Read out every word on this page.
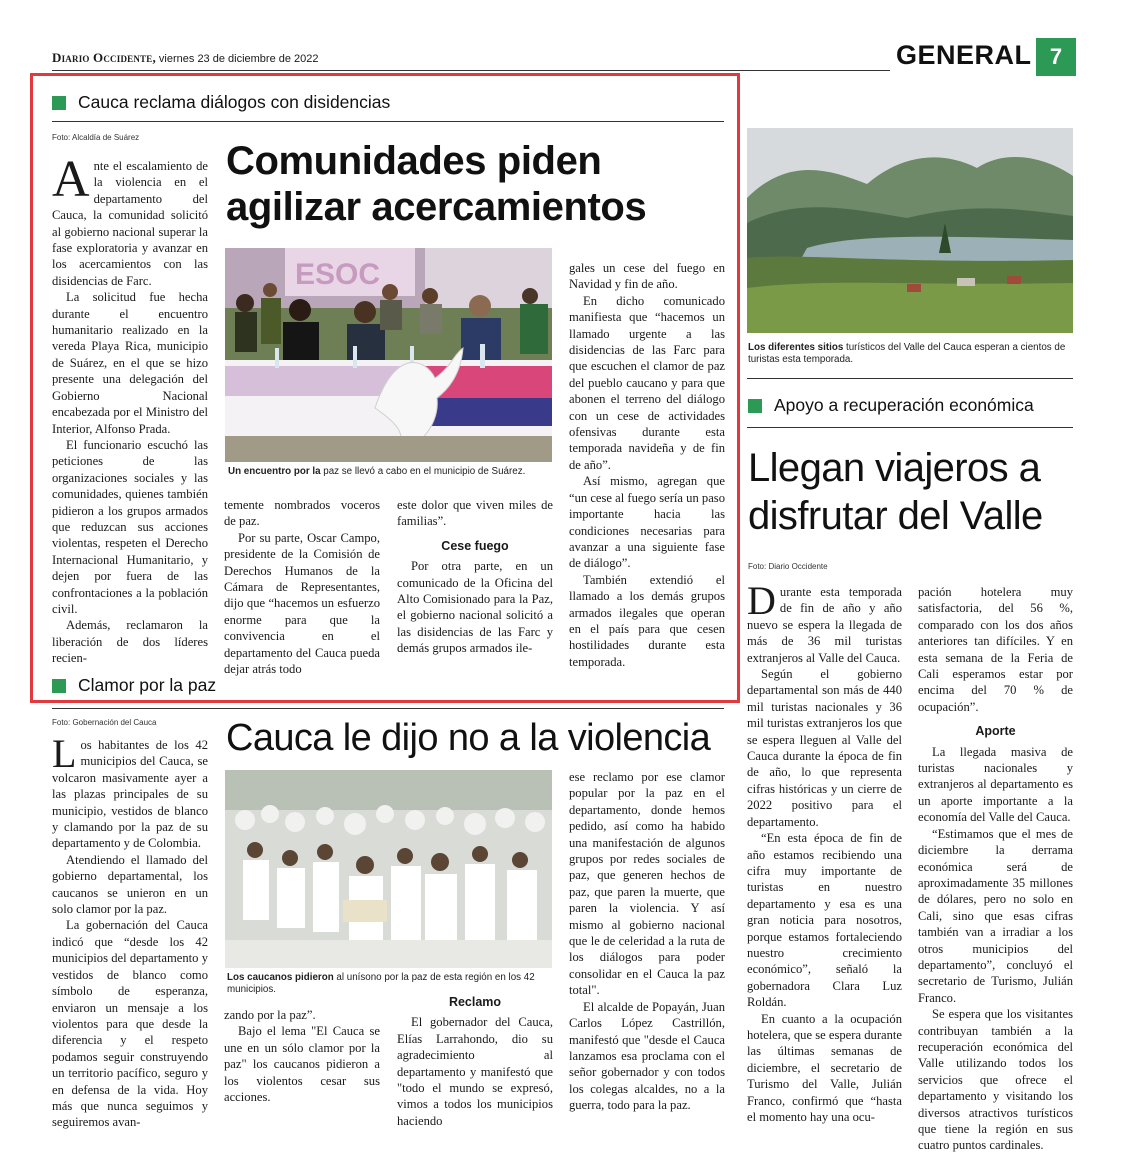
Diario Occidente, viernes 23 de diciembre de 2022	GENERAL 7
Cauca reclama diálogos con disidencias
Foto: Alcaldía de Suárez
Comunidades piden
agilizar acercamientos

Ante el escalamiento de la violencia en el departamento del Cauca, la comunidad solicitó al gobierno nacional superar la fase exploratoria y avanzar en los acercamientos con las disidencias de Farc.

La solicitud fue hecha durante el encuentro humanitario realizado en la vereda Playa Rica, municipio de Suárez, en el que se hizo presente una delegación del Gobierno Nacional encabezada por el Ministro del Interior, Alfonso Prada.

El funcionario escuchó las peticiones de las organizaciones sociales y las comunidades, quienes también pidieron a los grupos armados que reduzcan sus acciones violentas, respeten el Derecho Internacional Humanitario, y dejen por fuera de las confrontaciones a la población civil.

Además, reclamaron la liberación de dos líderes recien-

ESOC
Un encuentro por la paz se llevó a cabo en el municipio de Suárez.

temente nombrados voceros de paz.

Por su parte, Oscar Campo, presidente de la Comisión de Derechos Humanos de la Cámara de Representantes, dijo que “hacemos un esfuerzo enorme para que la convivencia en el departamento del Cauca pueda dejar atrás todo

este dolor que viven miles de familias”.

Cese fuego

Por otra parte, en un comunicado de la Oficina del Alto Comisionado para la Paz, el gobierno nacional solicitó a las disidencias de las Farc y demás grupos armados ile-

gales un cese del fuego en Navidad y fin de año.

En dicho comunicado manifiesta que “hacemos un llamado urgente a las disidencias de las Farc para que escuchen el clamor de paz del pueblo caucano y para que abonen el terreno del diálogo con un cese de actividades ofensivas durante esta temporada navideña y de fin de año”.

Así mismo, agregan que “un cese al fuego sería un paso importante hacia las condiciones necesarias para avanzar a una siguiente fase de diálogo”.

También extendió el llamado a los demás grupos armados ilegales que operan en el país para que cesen hostilidades durante esta temporada.

Clamor por la paz
Foto: Gobernación del Cauca Cauca le dijo no a la violencia

Los habitantes de los 42 municipios del Cauca, se volcaron masivamente ayer a las plazas principales de su municipio, vestidos de blanco y clamando por la paz de su departamento y de Colombia.

Atendiendo el llamado del gobierno departamental, los caucanos se unieron en un solo clamor por la paz.

La gobernación del Cauca indicó que “desde los 42 municipios del departamento y vestidos de blanco como símbolo de esperanza, enviaron un mensaje a los violentos para que desde la diferencia y el respeto podamos seguir construyendo un territorio pacífico, seguro y en defensa de la vida. Hoy más que nunca seguimos y seguiremos avan-

Los caucanos pidieron al unísono por la paz de esta región en los 42 municipios.

zando por la paz”.

Bajo el lema "El Cauca se une en un sólo clamor por la paz" los caucanos pidieron a los violentos cesar sus acciones.

Reclamo

El gobernador del Cauca, Elías Larrahondo, dio su agradecimiento al departamento y manifestó que "todo el mundo se expresó, vimos a todos los municipios haciendo

ese reclamo por ese clamor popular por la paz en el departamento, donde hemos pedido, así como ha habido una manifestación de algunos grupos por redes sociales de paz, que generen hechos de paz, que paren la muerte, que paren la violencia. Y así mismo al gobierno nacional que le de celeridad a la ruta de los diálogos para poder consolidar en el Cauca la paz total".

El alcalde de Popayán, Juan Carlos López Castrillón, manifestó que "desde el Cauca lanzamos esa proclama con el señor gobernador y con todos los colegas alcaldes, no a la guerra, todo para la paz.

Los diferentes sitios turísticos del Valle del Cauca esperan a cientos de turistas esta temporada.
Apoyo a recuperación económica
Llegan viajeros a
disfrutar del Valle
Foto: Diario Occidente

Durante esta temporada de fin de año y año nuevo se espera la llegada de más de 36 mil turistas extranjeros al Valle del Cauca.

Según el gobierno departamental son más de 440 mil turistas nacionales y 36 mil turistas extranjeros los que se espera lleguen al Valle del Cauca durante la época de fin de año, lo que representa cifras históricas y un cierre de 2022 positivo para el departamento.

“En esta época de fin de año estamos recibiendo una cifra muy importante de turistas en nuestro departamento y esa es una gran noticia para nosotros, porque estamos fortaleciendo nuestro crecimiento económico”, señaló la gobernadora Clara Luz Roldán.

En cuanto a la ocupación hotelera, que se espera durante las últimas semanas de diciembre, el secretario de Turismo del Valle, Julián Franco, confirmó que “hasta el momento hay una ocu-

pación hotelera muy satisfactoria, del 56 %, comparado con los dos años anteriores tan difíciles. Y en esta semana de la Feria de Cali esperamos estar por encima del 70 % de ocupación”.

Aporte

La llegada masiva de turistas nacionales y extranjeros al departamento es un aporte importante a la economía del Valle del Cauca.

“Estimamos que el mes de diciembre la derrama económica será de aproximadamente 35 millones de dólares, pero no solo en Cali, sino que esas cifras también van a irradiar a los otros municipios del departamento”, concluyó el secretario de Turismo, Julián Franco.

Se espera que los visitantes contribuyan también a la recuperación económica del Valle utilizando todos los servicios que ofrece el departamento y visitando los diversos atractivos turísticos que tiene la región en sus cuatro puntos cardinales.
